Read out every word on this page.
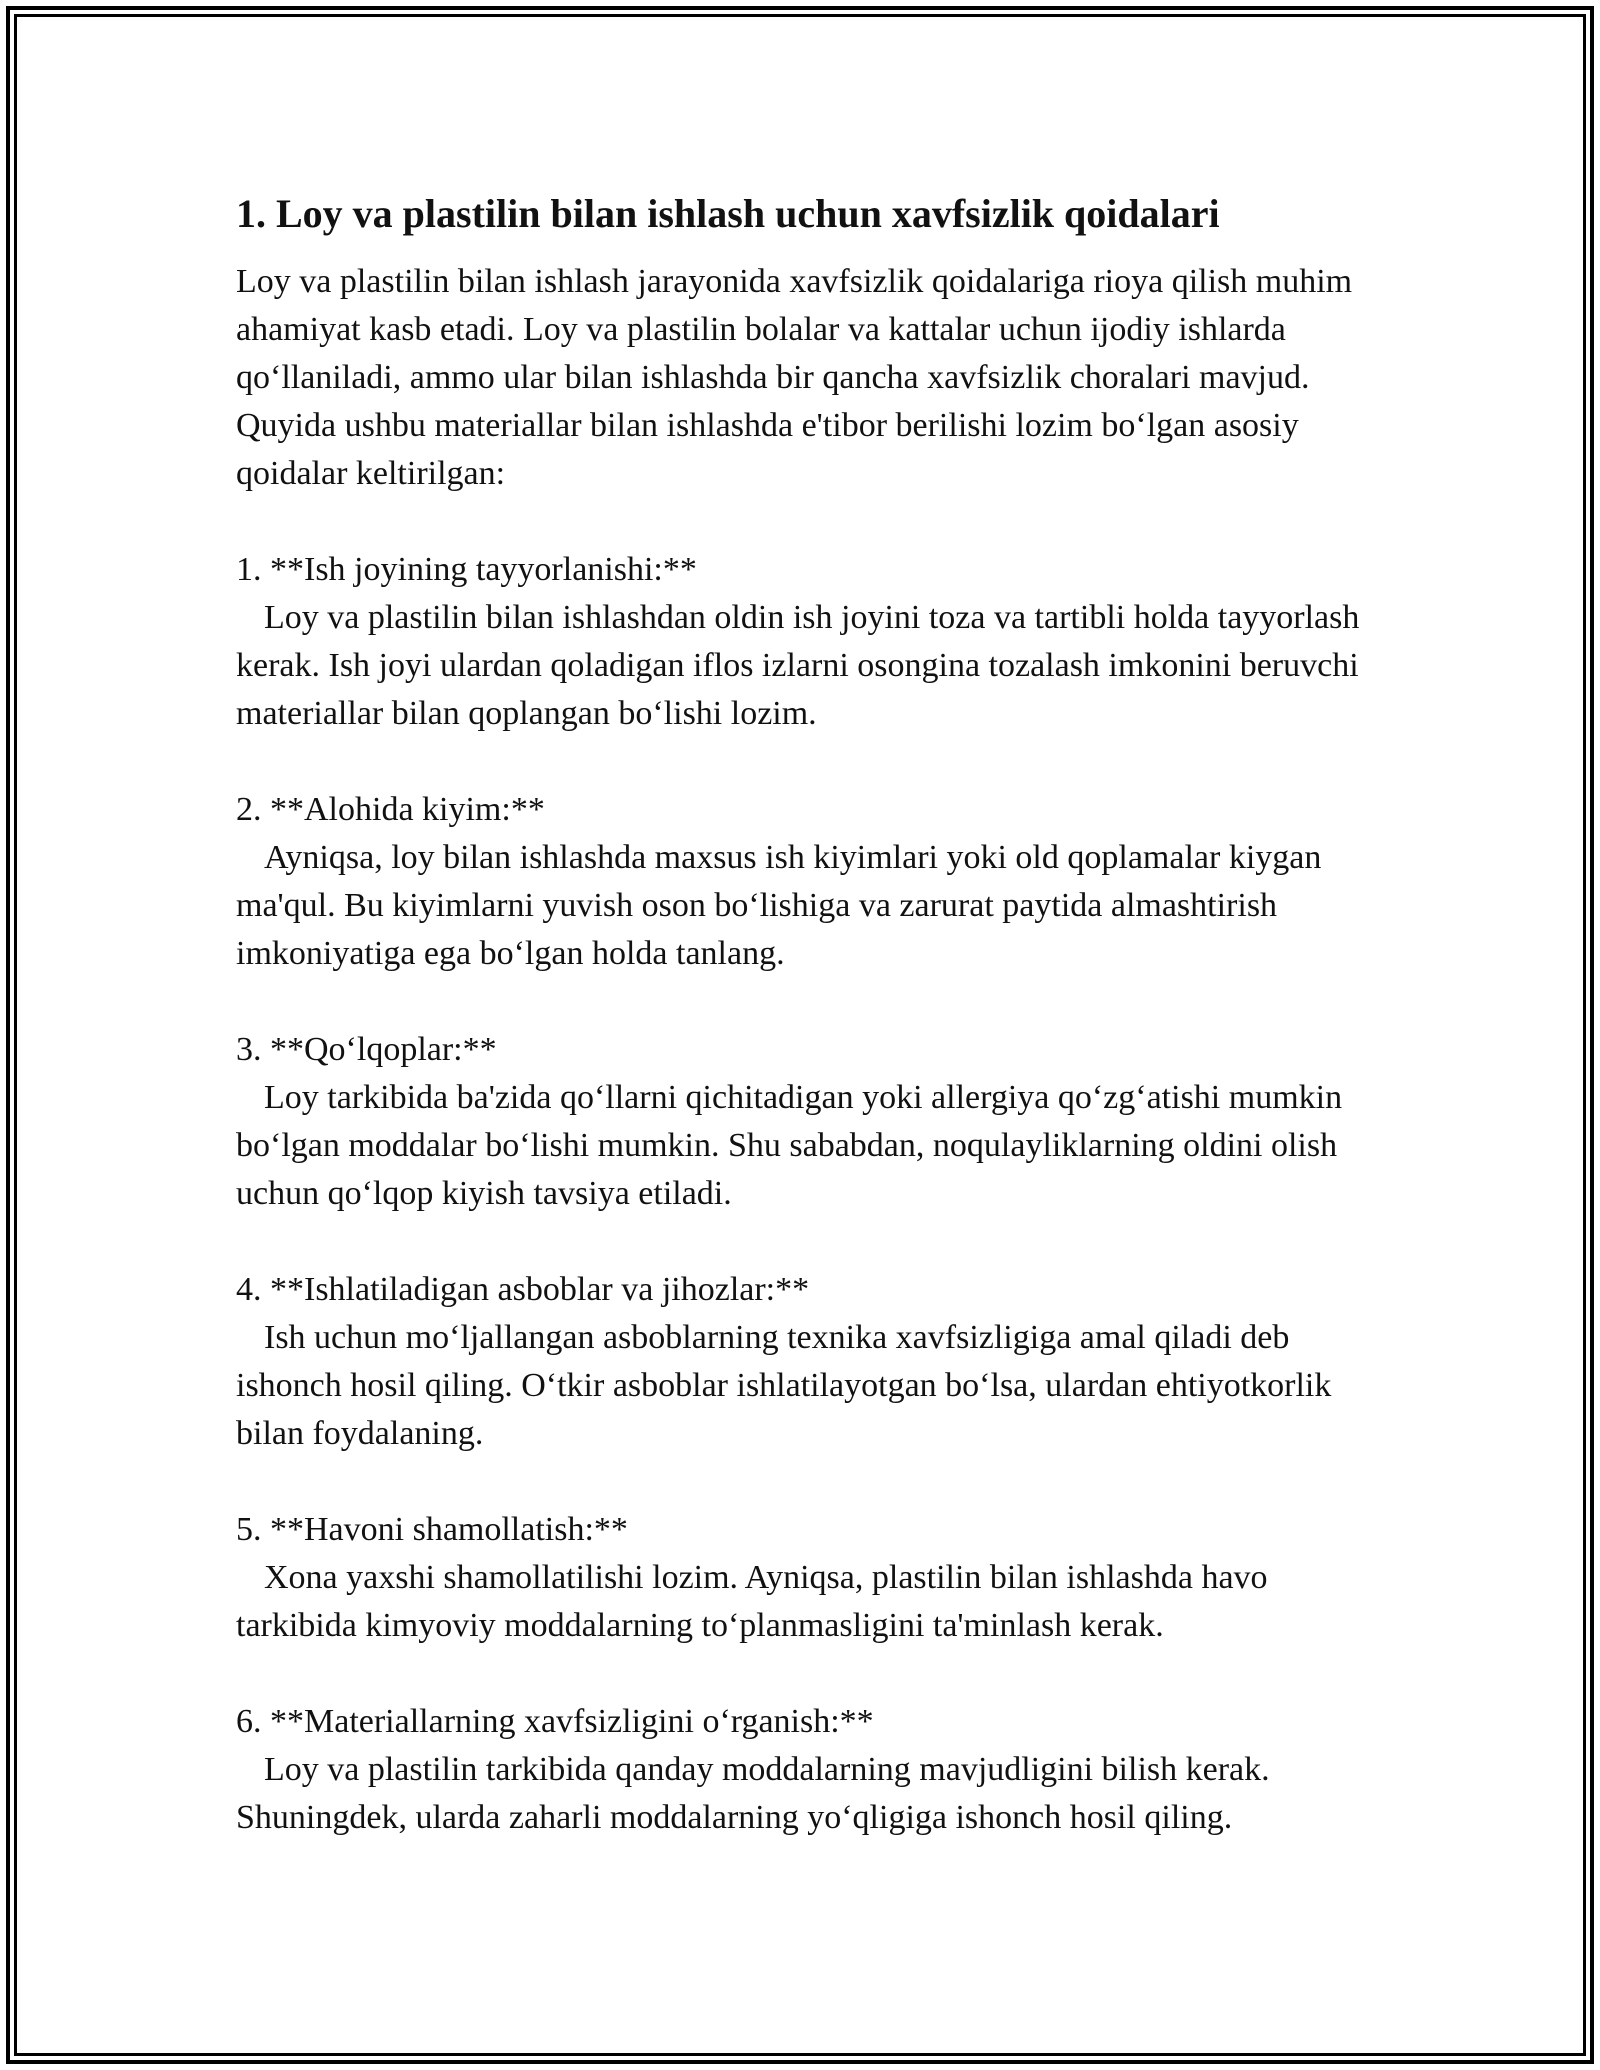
1. Loy va plastilin bilan ishlash uchun xavfsizlik qoidalari

Loy va plastilin bilan ishlash jarayonida xavfsizlik qoidalariga rioya qilish muhim ahamiyat kasb etadi. Loy va plastilin bolalar va kattalar uchun ijodiy ishlarda qo‘llaniladi, ammo ular bilan ishlashda bir qancha xavfsizlik choralari mavjud. Quyida ushbu materiallar bilan ishlashda e'tibor berilishi lozim bo‘lgan asosiy qoidalar keltirilgan:

1. **Ish joyining tayyorlanishi:**

Loy va plastilin bilan ishlashdan oldin ish joyini toza va tartibli holda tayyorlash kerak. Ish joyi ulardan qoladigan iflos izlarni osongina tozalash imkonini beruvchi materiallar bilan qoplangan bo‘lishi lozim.

2. **Alohida kiyim:**

Ayniqsa, loy bilan ishlashda maxsus ish kiyimlari yoki old qoplamalar kiygan ma'qul. Bu kiyimlarni yuvish oson bo‘lishiga va zarurat paytida almashtirish imkoniyatiga ega bo‘lgan holda tanlang.

3. **Qo‘lqoplar:**

Loy tarkibida ba'zida qo‘llarni qichitadigan yoki allergiya qo‘zg‘atishi mumkin bo‘lgan moddalar bo‘lishi mumkin. Shu sababdan, noqulayliklarning oldini olish uchun qo‘lqop kiyish tavsiya etiladi.

4. **Ishlatiladigan asboblar va jihozlar:**

Ish uchun mo‘ljallangan asboblarning texnika xavfsizligiga amal qiladi deb ishonch hosil qiling. O‘tkir asboblar ishlatilayotgan bo‘lsa, ulardan ehtiyotkorlik bilan foydalaning.

5. **Havoni shamollatish:**

Xona yaxshi shamollatilishi lozim. Ayniqsa, plastilin bilan ishlashda havo tarkibida kimyoviy moddalarning to‘planmasligini ta'minlash kerak.

6. **Materiallarning xavfsizligini o‘rganish:**

Loy va plastilin tarkibida qanday moddalarning mavjudligini bilish kerak. Shuningdek, ularda zaharli moddalarning yo‘qligiga ishonch hosil qiling.
